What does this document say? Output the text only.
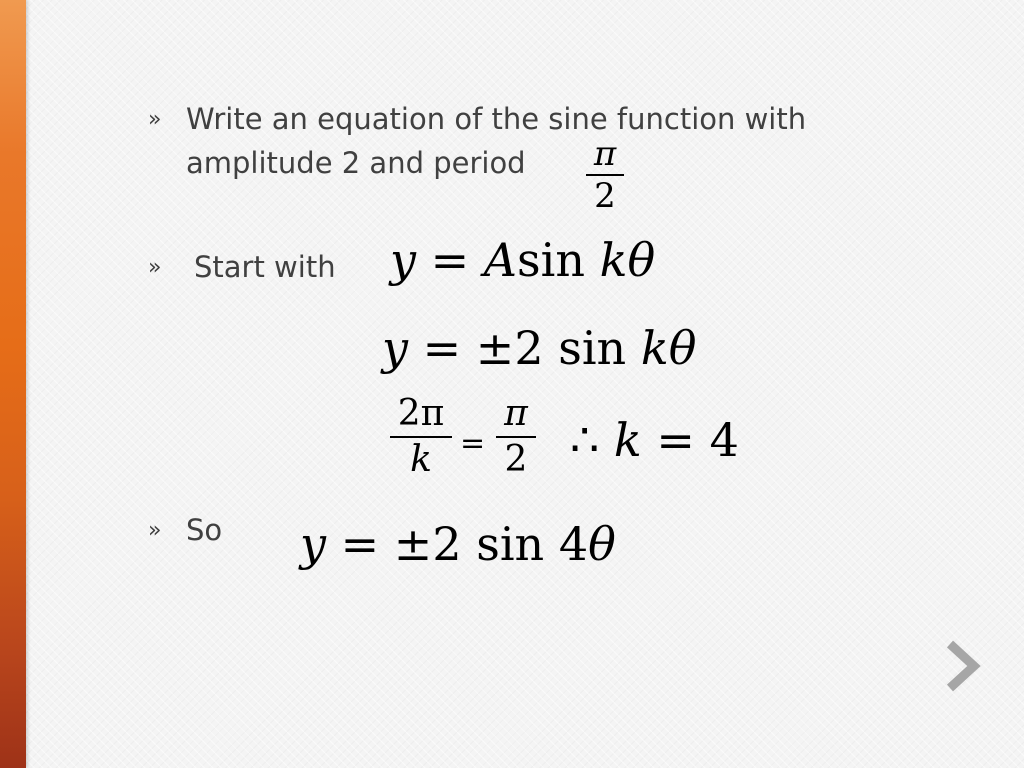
» Write an equation of the sine function with
amplitude 2 and period π
2
» Start with y = Asin kθ
y = ±2 sin kθ
2π
k =
π
2 ∴ k = 4
» So y = ±2 sin 4θ
